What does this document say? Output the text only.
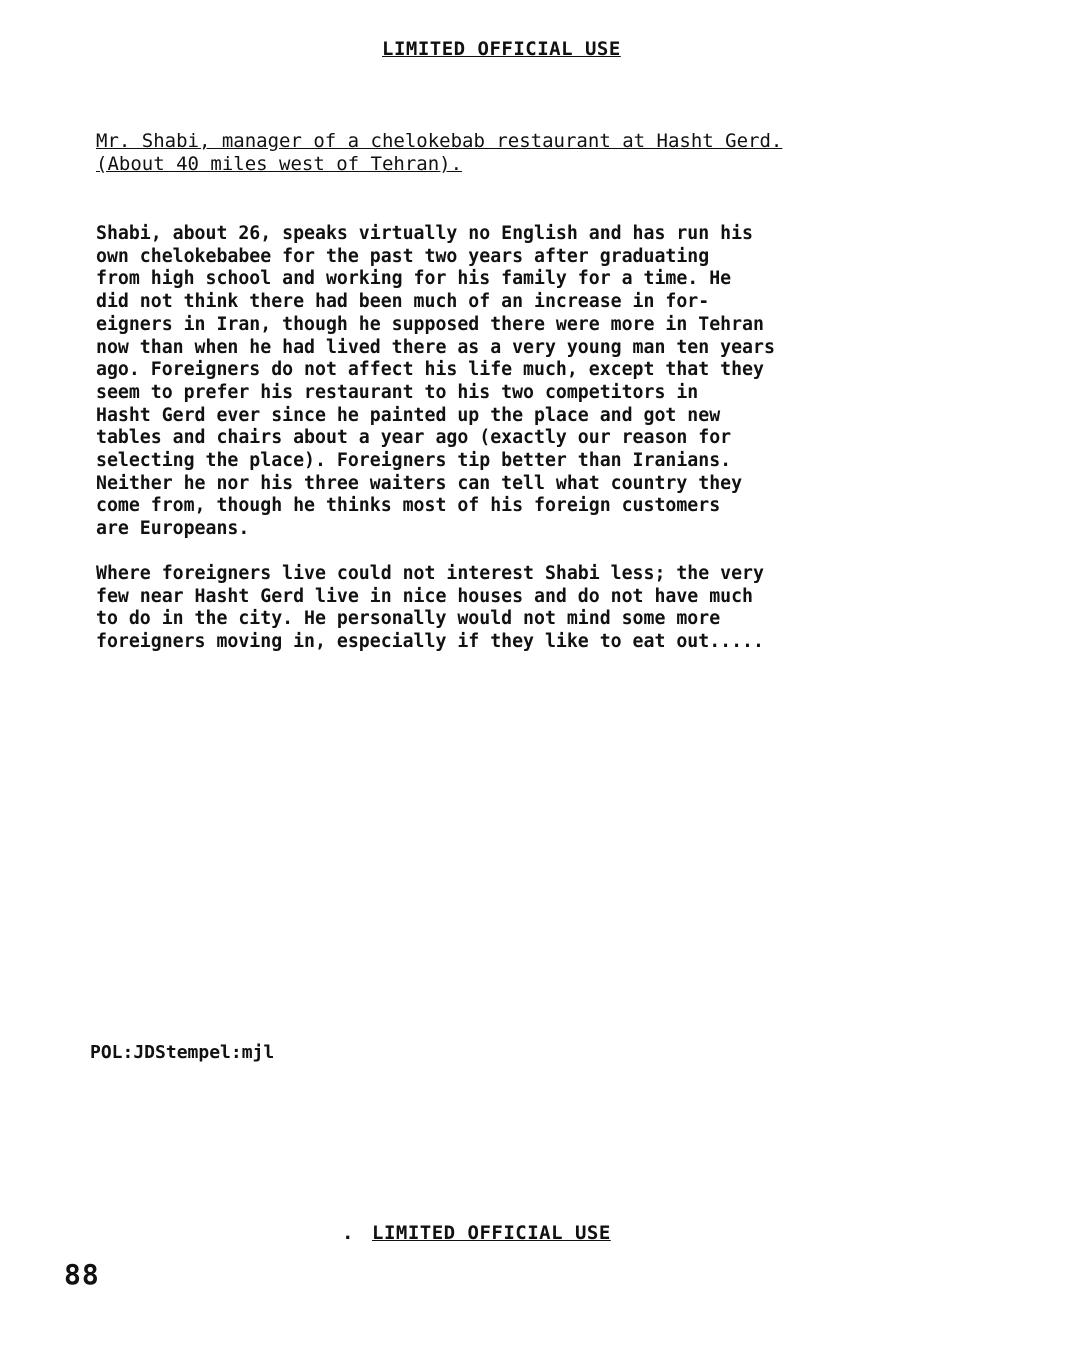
LIMITED OFFICIAL USE
Mr. Shabi, manager of a chelokebab restaurant at Hasht Gerd.
(About 40 miles west of Tehran).
Shabi, about 26, speaks virtually no English and has run his
own chelokebabee for the past two years after graduating
from high school and working for his family for a time. He
did not think there had been much of an increase in for-
eigners in Iran, though he supposed there were more in Tehran
now than when he had lived there as a very young man ten years
ago. Foreigners do not affect his life much, except that they
seem to prefer his restaurant to his two competitors in
Hasht Gerd ever since he painted up the place and got new
tables and chairs about a year ago (exactly our reason for
selecting the place). Foreigners tip better than Iranians.
Neither he nor his three waiters can tell what country they
come from, though he thinks most of his foreign customers
are Europeans.
Where foreigners live could not interest Shabi less; the very
few near Hasht Gerd live in nice houses and do not have much
to do in the city. He personally would not mind some more
foreigners moving in, especially if they like to eat out.....
POL:JDStempel:mjl
. LIMITED OFFICIAL USE
88
